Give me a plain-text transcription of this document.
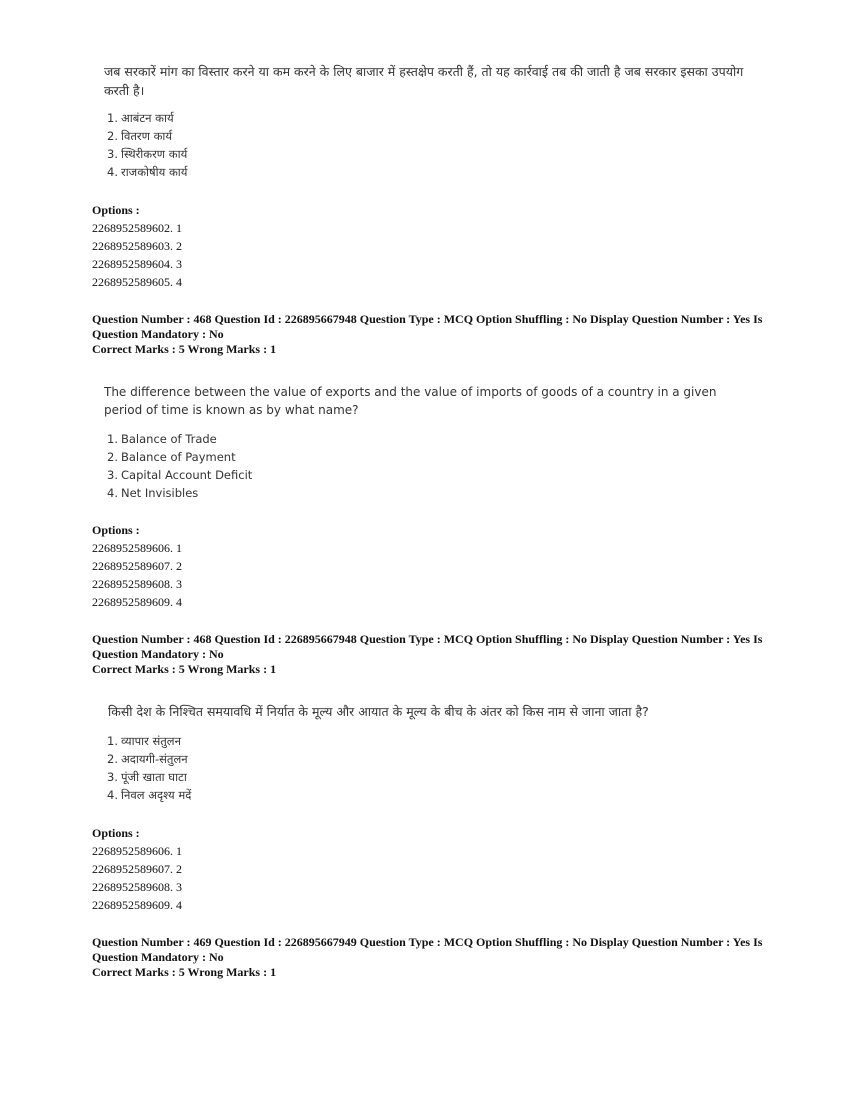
जब सरकारें मांग का विस्तार करने या कम करने के लिए बाजार में हस्तक्षेप करती हैं, तो यह कार्रवाई तब की जाती है जब सरकार इसका उपयोग करती है।
1. आबंटन कार्य
2. वितरण कार्य
3. स्थिरीकरण कार्य
4. राजकोषीय कार्य
Options :
2268952589602. 1
2268952589603. 2
2268952589604. 3
2268952589605. 4
Question Number : 468 Question Id : 226895667948 Question Type : MCQ Option Shuffling : No Display Question Number : Yes Is
Question Mandatory : No
Correct Marks : 5 Wrong Marks : 1
The difference between the value of exports and the value of imports of goods of a country in a given period of time is known as by what name?
1. Balance of Trade
2. Balance of Payment
3. Capital Account Deficit
4. Net Invisibles
Options :
2268952589606. 1
2268952589607. 2
2268952589608. 3
2268952589609. 4
Question Number : 468 Question Id : 226895667948 Question Type : MCQ Option Shuffling : No Display Question Number : Yes Is
Question Mandatory : No
Correct Marks : 5 Wrong Marks : 1
किसी देश के निश्चित समयावधि में निर्यात के मूल्य और आयात के मूल्य के बीच के अंतर को किस नाम से जाना जाता है?
1. व्यापार संतुलन
2. अदायगी-संतुलन
3. पूंजी खाता घाटा
4. निवल अदृश्य मदें
Options :
2268952589606. 1
2268952589607. 2
2268952589608. 3
2268952589609. 4
Question Number : 469 Question Id : 226895667949 Question Type : MCQ Option Shuffling : No Display Question Number : Yes Is
Question Mandatory : No
Correct Marks : 5 Wrong Marks : 1
